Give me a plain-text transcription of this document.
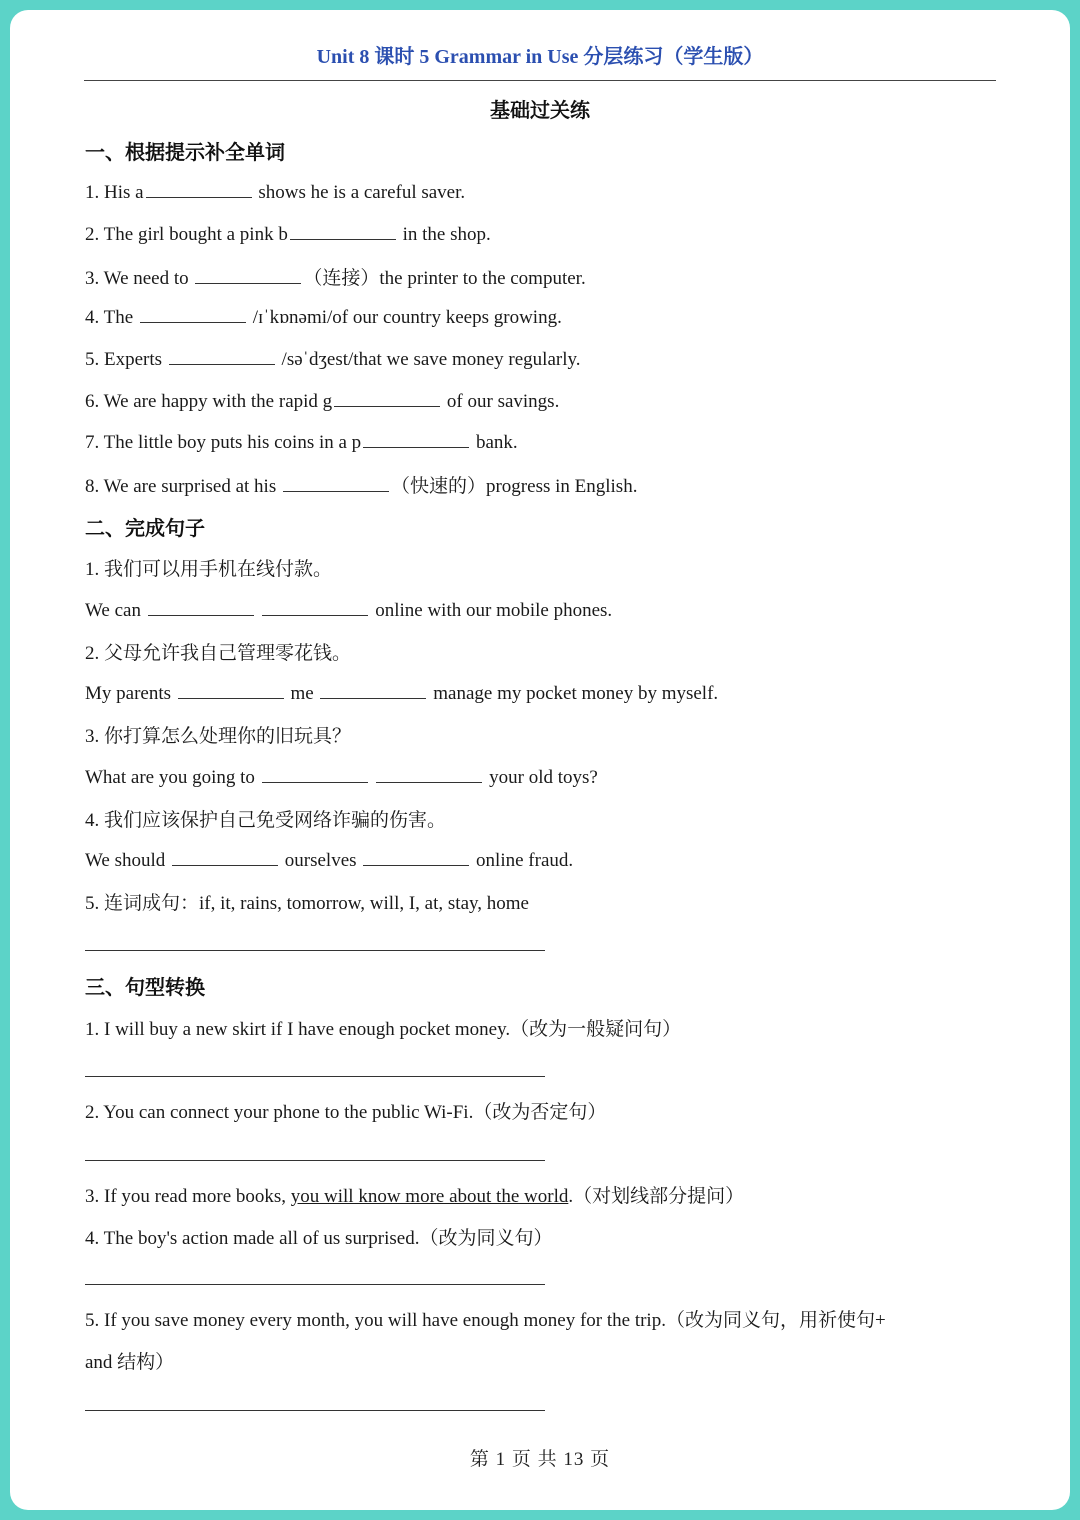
Unit 8 课时 5 Grammar in Use 分层练习（学生版）
基础过关练
一、根据提示补全单词
1. His a	shows he is a careful saver.
2. The girl bought a pink b	in the shop.
3. We need to	（连接）the printer to the computer.
4. The	/ɪˈkɒnəmi/of our country keeps growing.
5. Experts	/səˈdʒest/that we save money regularly.
6. We are happy with the rapid g	of our savings.
7. The little boy puts his coins in a p	bank.
8. We are surprised at his	（快速的）progress in English.
二、完成句子
1. 我们可以用手机在线付款。
We can	online with our mobile phones.
2. 父母允许我自己管理零花钱。
My parents	me	manage my pocket money by myself.
3. 你打算怎么处理你的旧玩具？
What are you going to	your old toys?
4. 我们应该保护自己免受网络诈骗的伤害。
We should	ourselves	online fraud.
5. 连词成句：if, it, rains, tomorrow, will, I, at, stay, home
三、句型转换
1. I will buy a new skirt if I have enough pocket money.（改为一般疑问句）
2. You can connect your phone to the public Wi-Fi.（改为否定句）
3. If you read more books, you will know more about the world.（对划线部分提问）
4. The boy's action made all of us surprised.（改为同义句）
5. If you save money every month, you will have enough money for the trip.（改为同义句，用祈使句+
and 结构）
第 1 页 共 13 页
